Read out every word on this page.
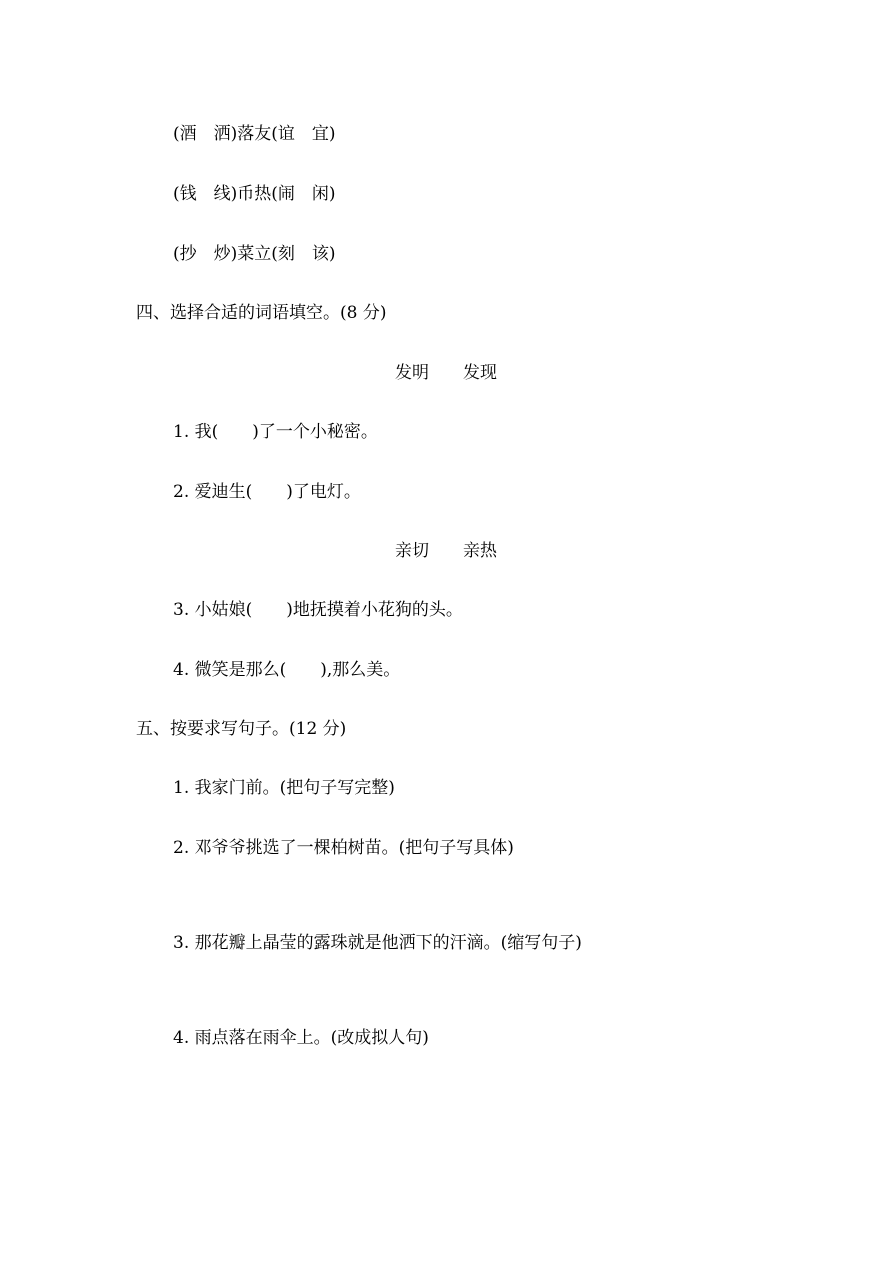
(酒　洒)落友(谊　宜)
(钱　线)币热(闹　闲)
(抄　炒)菜立(刻　该)
四、选择合适的词语填空。(8 分)
发明 发现
1. 我(　　)了一个小秘密。
2. 爱迪生(　　)了电灯。
亲切 亲热
3. 小姑娘(　　)地抚摸着小花狗的头。
4. 微笑是那么(　　),那么美。
五、按要求写句子。(12 分)
1. 我家门前。(把句子写完整)
2. 邓爷爷挑选了一棵柏树苗。(把句子写具体)
3. 那花瓣上晶莹的露珠就是他洒下的汗滴。(缩写句子)
4. 雨点落在雨伞上。(改成拟人句)
